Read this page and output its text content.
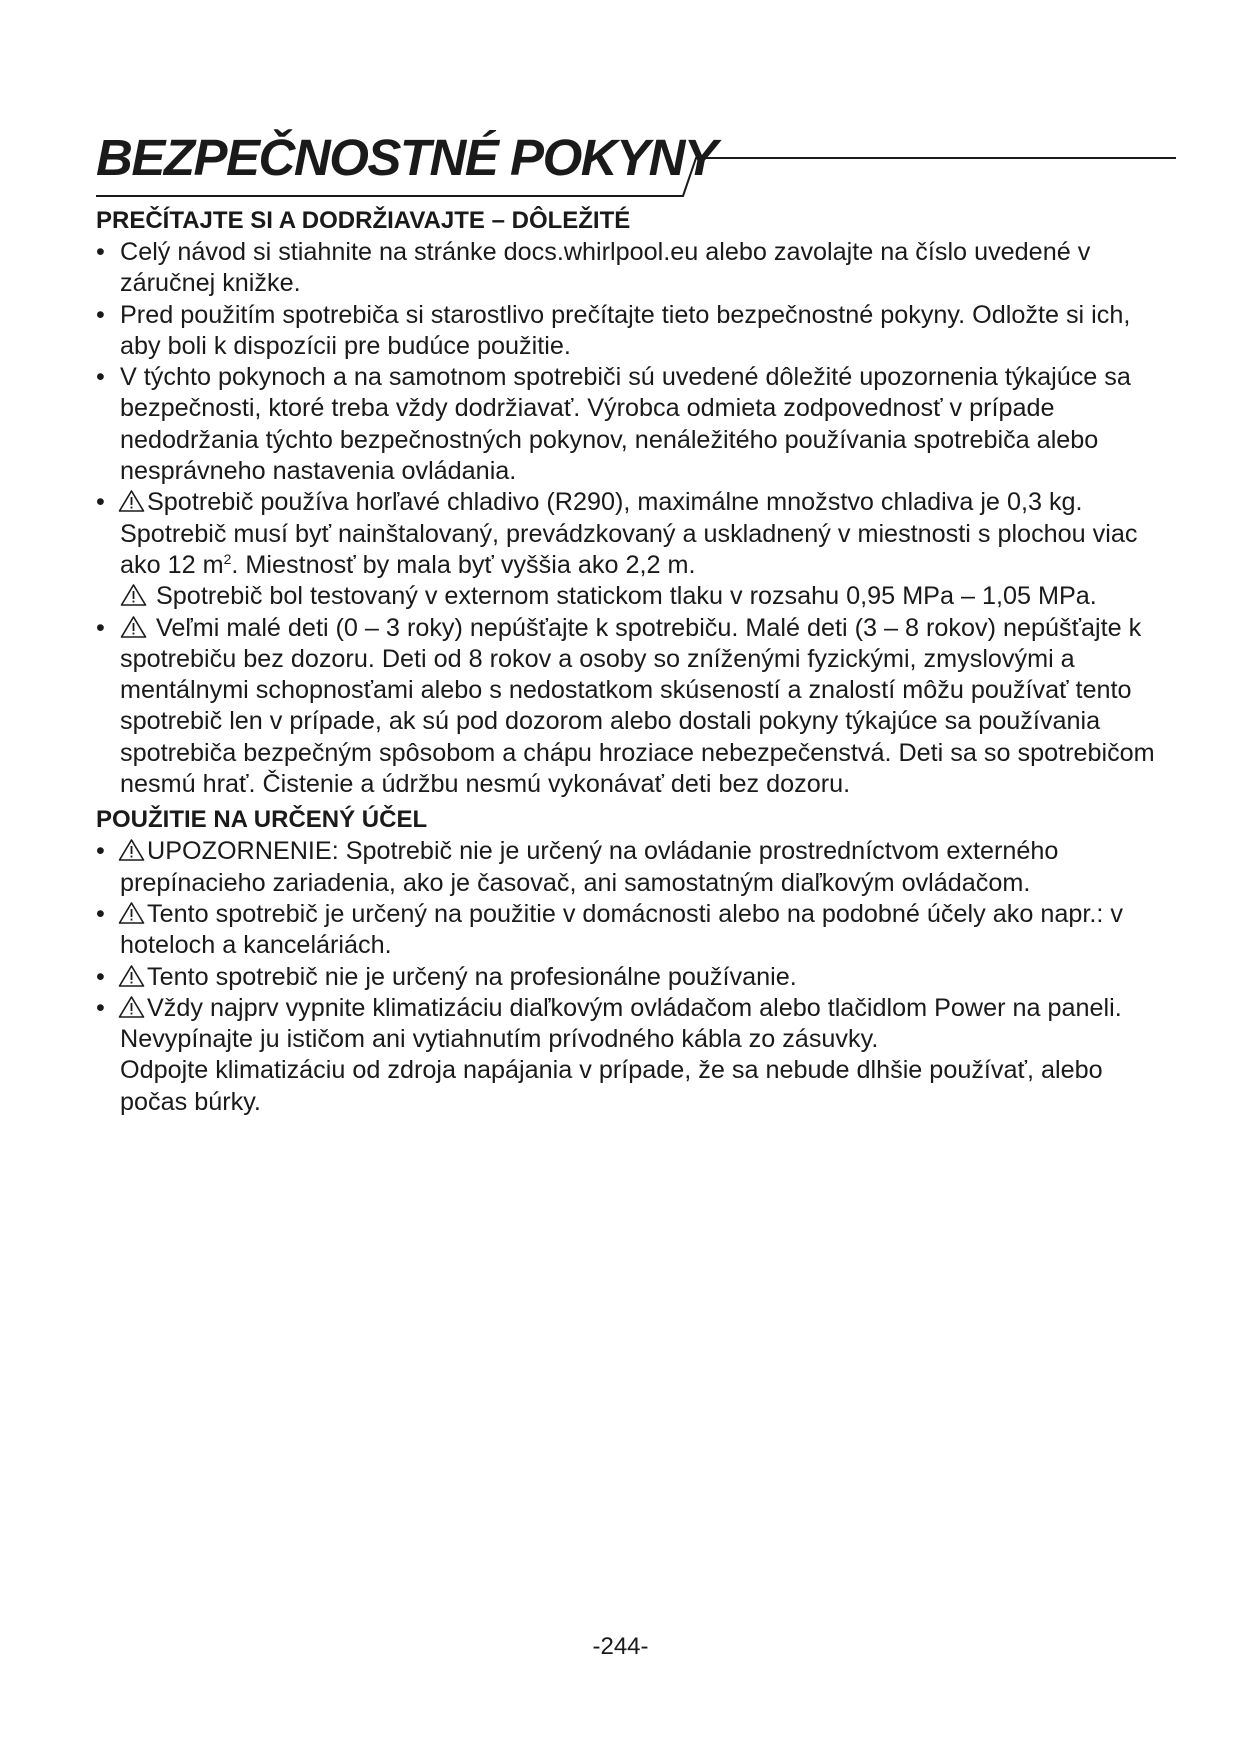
BEZPEČNOSTNÉ POKYNY
PREČÍTAJTE SI A DODRŽIAVAJTE – DÔLEŽITÉ
• Celý návod si stiahnite na stránke docs.whirlpool.eu alebo zavolajte na číslo uvedené v záručnej knižke.
• Pred použitím spotrebiča si starostlivo prečítajte tieto bezpečnostné pokyny. Odložte si ich, aby boli k dispozícii pre budúce použitie.
• V týchto pokynoch a na samotnom spotrebiči sú uvedené dôležité upozornenia týkajúce sa bezpečnosti, ktoré treba vždy dodržiavať. Výrobca odmieta zodpovednosť v prípade nedodržania týchto bezpečnostných pokynov, nenáležitého používania spotrebiča alebo nesprávneho nastavenia ovládania.
• Spotrebič používa horľavé chladivo (R290), maximálne množstvo chladiva je 0,3 kg. Spotrebič musí byť nainštalovaný, prevádzkovaný a uskladnený v miestnosti s plochou viac ako 12 $m^2$. Miestnosť by mala byť vyššia ako 2,2 m.
Spotrebič bol testovaný v externom statickom tlaku v rozsahu 0,95 MPa – 1,05 MPa.
• Veľmi malé deti (0 – 3 roky) nepúšťajte k spotrebiču. Malé deti (3 – 8 rokov) nepúšťajte k spotrebiču bez dozoru. Deti od 8 rokov a osoby so zníženými fyzickými, zmyslovými a mentálnymi schopnosťami alebo s nedostatkom skúseností a znalostí môžu používať tento spotrebič len v prípade, ak sú pod dozorom alebo dostali pokyny týkajúce sa používania spotrebiča bezpečným spôsobom a chápu hroziace nebezpečenstvá. Deti sa so spotrebičom nesmú hrať. Čistenie a údržbu nesmú vykonávať deti bez dozoru.
POUŽITIE NA URČENÝ ÚČEL
• UPOZORNENIE: Spotrebič nie je určený na ovládanie prostredníctvom externého prepínacieho zariadenia, ako je časovač, ani samostatným diaľkovým ovládačom.
• Tento spotrebič je určený na použitie v domácnosti alebo na podobné účely ako napr.: v hoteloch a kanceláriách.
• Tento spotrebič nie je určený na profesionálne používanie.
• Vždy najprv vypnite klimatizáciu diaľkovým ovládačom alebo tlačidlom Power na paneli.
Nevypínajte ju ističom ani vytiahnutím prívodného kábla zo zásuvky.
Odpojte klimatizáciu od zdroja napájania v prípade, že sa nebude dlhšie používať, alebo počas búrky.
-244-
